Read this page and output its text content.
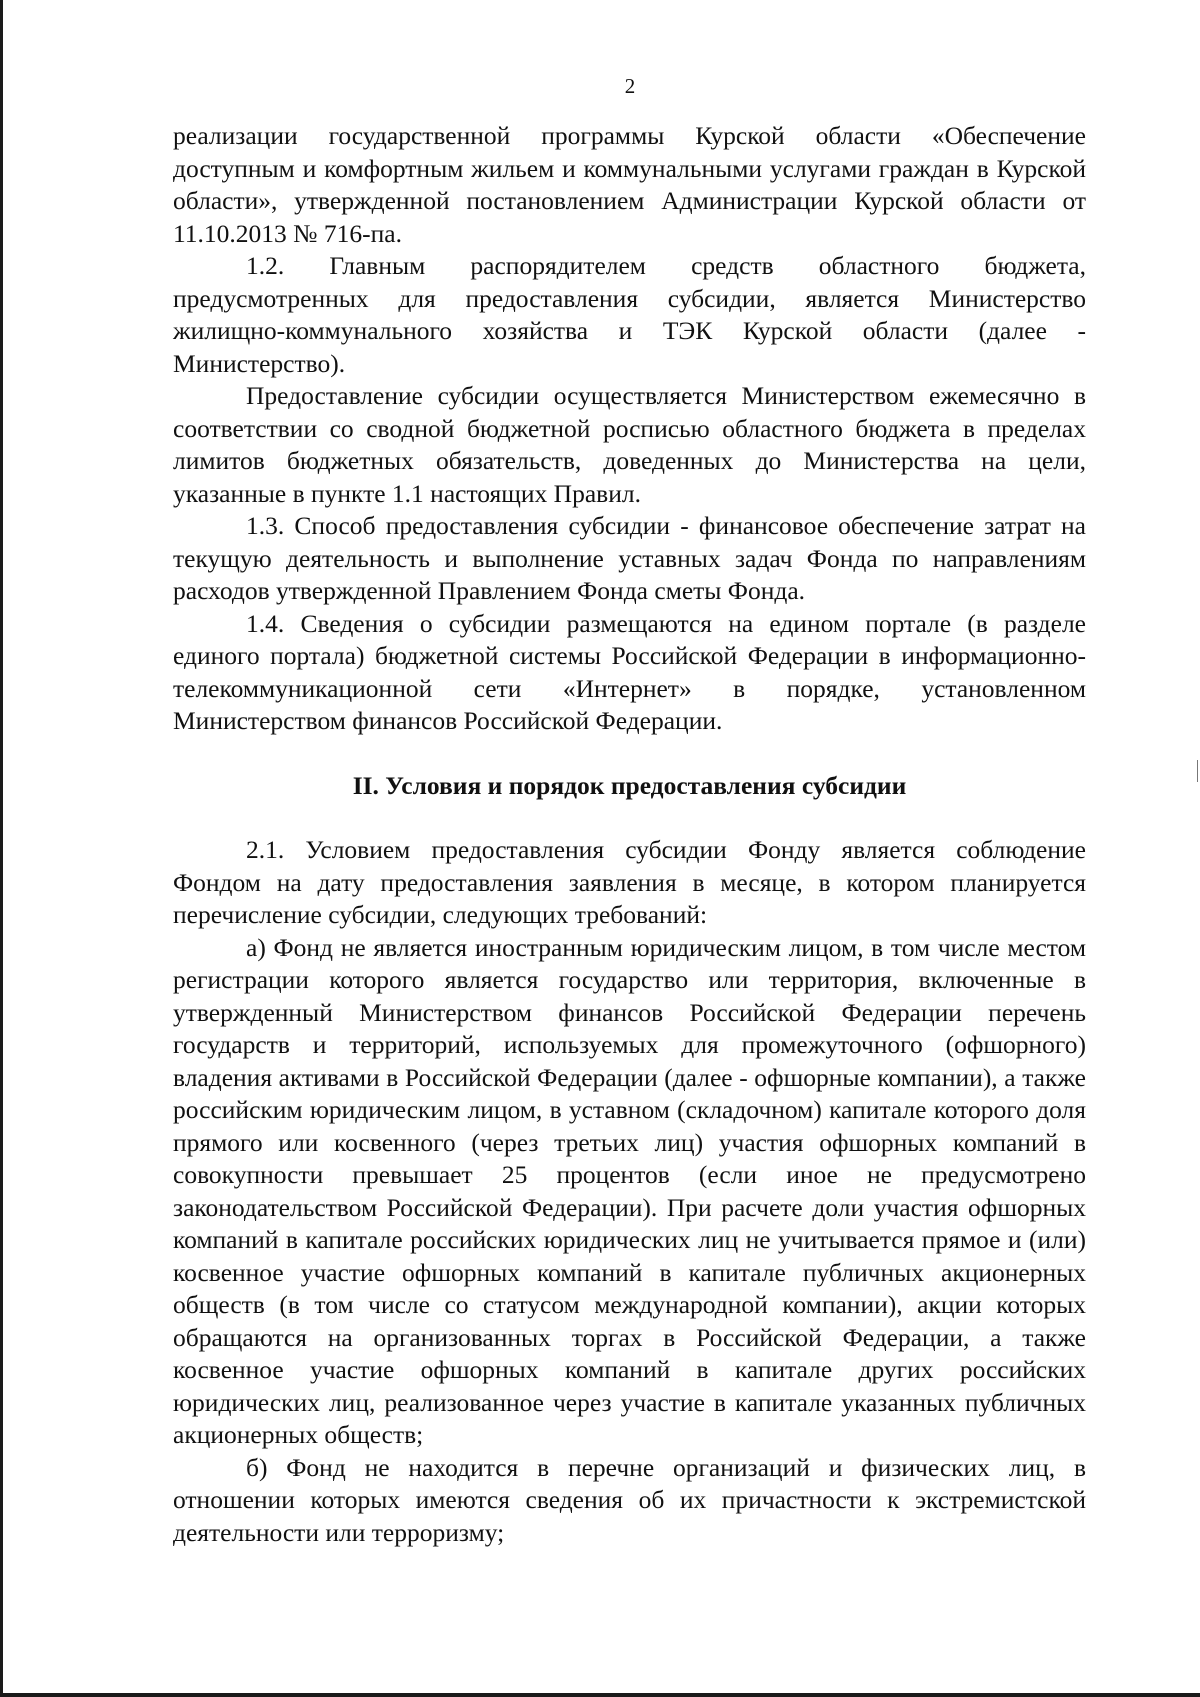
2

реализации государственной программы Курской области «Обеспечение доступным и комфортным жильем и коммунальными услугами граждан в Курской области», утвержденной постановлением Администрации Курской области от 11.10.2013 № 716-па.

1.2. Главным распорядителем средств областного бюджета, предусмотренных для предоставления субсидии, является Министерство жилищно-коммунального хозяйства и ТЭК Курской области (далее - Министерство).

Предоставление субсидии осуществляется Министерством ежемесячно в соответствии со сводной бюджетной росписью областного бюджета в пределах лимитов бюджетных обязательств, доведенных до Министерства на цели, указанные в пункте 1.1 настоящих Правил.

1.3. Способ предоставления субсидии - финансовое обеспечение затрат на текущую деятельность и выполнение уставных задач Фонда по направлениям расходов утвержденной Правлением Фонда сметы Фонда.

1.4. Сведения о субсидии размещаются на едином портале (в разделе единого портала) бюджетной системы Российской Федерации в информационно-телекоммуникационной сети «Интернет» в порядке, установленном Министерством финансов Российской Федерации.

II. Условия и порядок предоставления субсидии

2.1. Условием предоставления субсидии Фонду является соблюдение Фондом на дату предоставления заявления в месяце, в котором планируется перечисление субсидии, следующих требований:

а) Фонд не является иностранным юридическим лицом, в том числе местом регистрации которого является государство или территория, включенные в утвержденный Министерством финансов Российской Федерации перечень государств и территорий, используемых для промежуточного (офшорного) владения активами в Российской Федерации (далее - офшорные компании), а также российским юридическим лицом, в уставном (складочном) капитале которого доля прямого или косвенного (через третьих лиц) участия офшорных компаний в совокупности превышает 25 процентов (если иное не предусмотрено законодательством Российской Федерации). При расчете доли участия офшорных компаний в капитале российских юридических лиц не учитывается прямое и (или) косвенное участие офшорных компаний в капитале публичных акционерных обществ (в том числе со статусом международной компании), акции которых обращаются на организованных торгах в Российской Федерации, а также косвенное участие офшорных компаний в капитале других российских юридических лиц, реализованное через участие в капитале указанных публичных акционерных обществ;

б) Фонд не находится в перечне организаций и физических лиц, в отношении которых имеются сведения об их причастности к экстремистской деятельности или терроризму;
